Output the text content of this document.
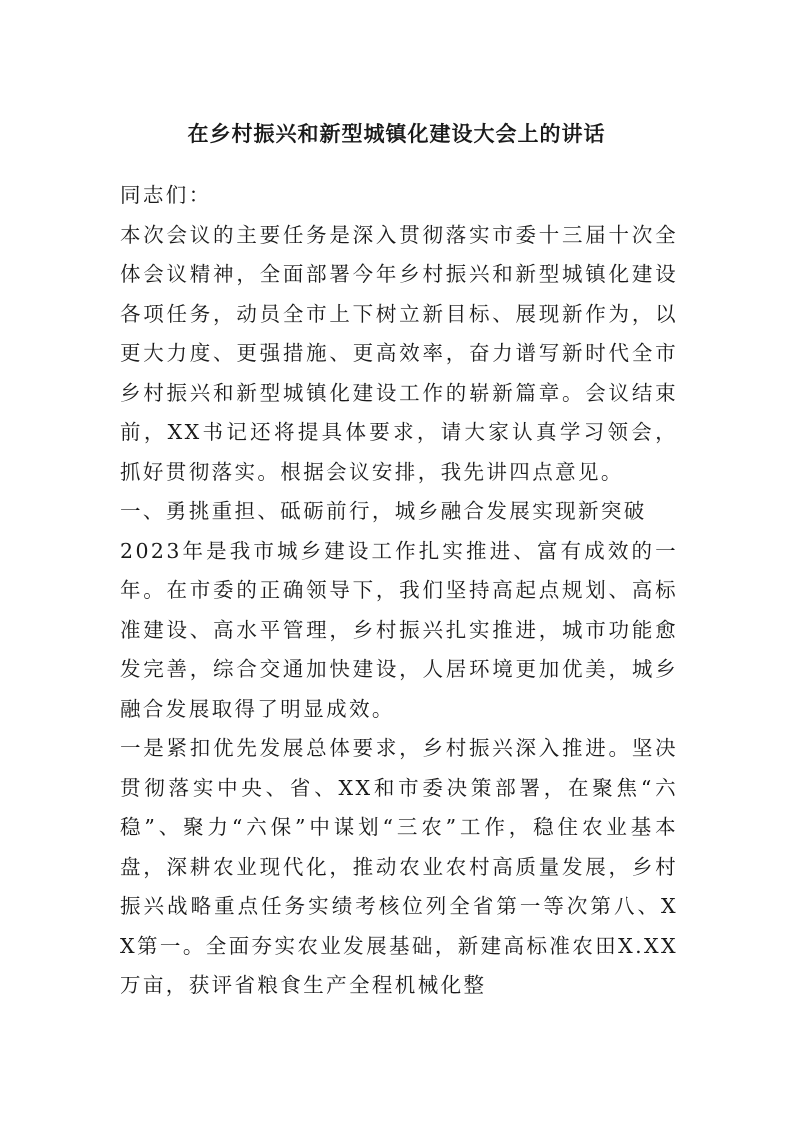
在乡村振兴和新型城镇化建设大会上的讲话

同志们：

本次会议的主要任务是深入贯彻落实市委十三届十次全体会议精神，全面部署今年乡村振兴和新型城镇化建设各项任务，动员全市上下树立新目标、展现新作为，以更大力度、更强措施、更高效率，奋力谱写新时代全市乡村振兴和新型城镇化建设工作的崭新篇章。会议结束前，XX书记还将提具体要求，请大家认真学习领会，抓好贯彻落实。根据会议安排，我先讲四点意见。

一、勇挑重担、砥砺前行，城乡融合发展实现新突破

2023年是我市城乡建设工作扎实推进、富有成效的一年。在市委的正确领导下，我们坚持高起点规划、高标准建设、高水平管理，乡村振兴扎实推进，城市功能愈发完善，综合交通加快建设，人居环境更加优美，城乡融合发展取得了明显成效。

一是紧扣优先发展总体要求，乡村振兴深入推进。坚决贯彻落实中央、省、XX和市委决策部署，在聚焦“六稳”、聚力“六保”中谋划“三农”工作，稳住农业基本盘，深耕农业现代化，推动农业农村高质量发展，乡村振兴战略重点任务实绩考核位列全省第一等次第八、XX第一。全面夯实农业发展基础，新建高标准农田X.XX万亩，获评省粮食生产全程机械化整
